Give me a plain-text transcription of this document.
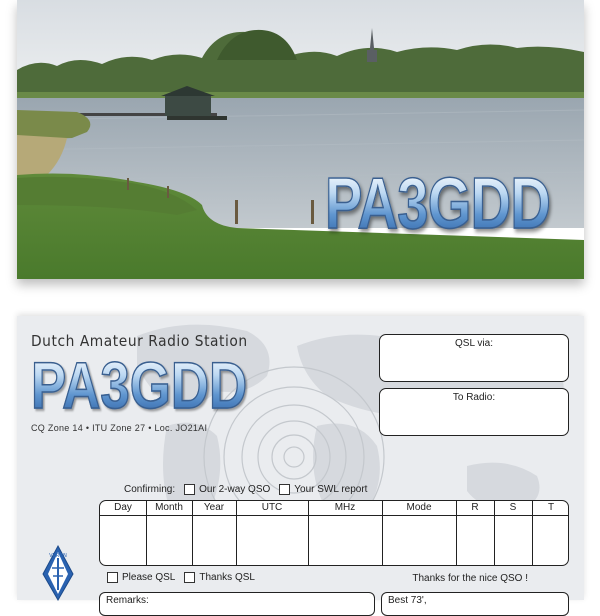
PA3GDD
Dutch Amateur Radio Station
PA3GDD
CQ Zone 14 • ITU Zone 27 • Loc. JO21AI
QSL via:
To Radio:
Confirming: Our 2-way QSO Your SWL report
Day	Month	Year	UTC	MHz	Mode	R	S	T
Please QSL Thanks QSL	Thanks for the nice QSO !
Remarks:	Best 73',
VERON
